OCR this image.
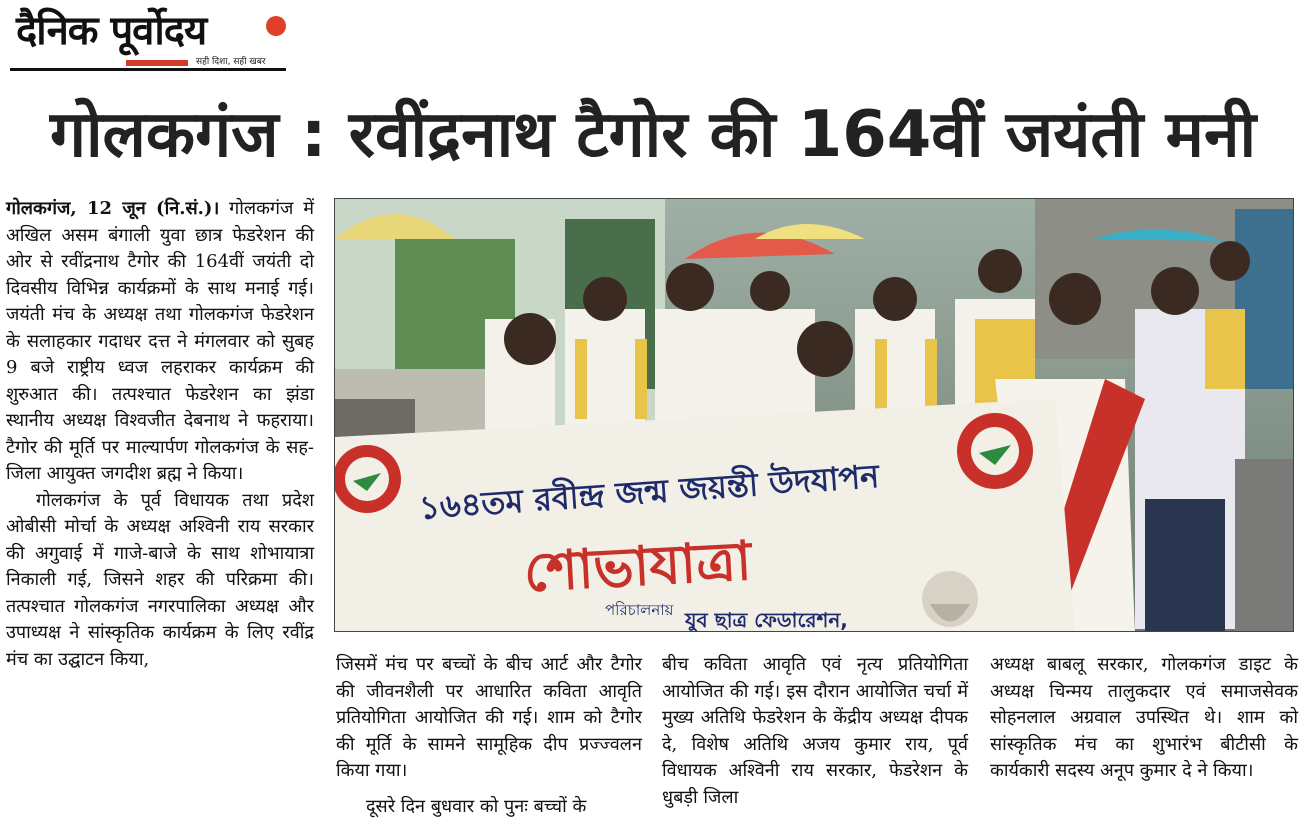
दैनिक पूर्वोदय
सही दिशा, सही खबर
गोलकगंज : रवींद्रनाथ टैगोर की 164वीं जयंती मनी

गोलकगंज, 12 जून (नि.सं.)। गोलकगंज में अखिल असम बंगाली युवा छात्र फेडरेशन की ओर से रवींद्रनाथ टैगोर की 164वीं जयंती दो दिवसीय विभिन्न कार्यक्रमों के साथ मनाई गई। जयंती मंच के अध्यक्ष तथा गोलकगंज फेडरेशन के सलाहकार गदाधर दत्त ने मंगलवार को सुबह 9 बजे राष्ट्रीय ध्वज लहराकर कार्यक्रम की शुरुआत की। तत्पश्चात फेडरेशन का झंडा स्थानीय अध्यक्ष विश्वजीत देबनाथ ने फहराया। टैगोर की मूर्ति पर माल्यार्पण गोलकगंज के सह-जिला आयुक्त जगदीश ब्रह्म ने किया।

गोलकगंज के पूर्व विधायक तथा प्रदेश ओबीसी मोर्चा के अध्यक्ष अश्विनी राय सरकार की अगुवाई में गाजे-बाजे के साथ शोभायात्रा निकाली गई, जिसने शहर की परिक्रमा की। तत्पश्चात गोलकगंज नगरपालिका अध्यक्ष और उपाध्यक्ष ने सांस्कृतिक कार्यक्रम के लिए रवींद्र मंच का उद्घाटन किया,

১৬৪তম রবীন্দ্র জন্ম জয়ন্তী উদযাপন
শোভাযাত্রা
পরিচালনায় যুব ছাত্র ফেডারেশন,

जिसमें मंच पर बच्चों के बीच आर्ट और टैगोर की जीवनशैली पर आधारित कविता आवृति प्रतियोगिता आयोजित की गई। शाम को टैगोर की मूर्ति के सामने सामूहिक दीप प्रज्ज्वलन किया गया।

दूसरे दिन बुधवार को पुनः बच्चों के

बीच कविता आवृति एवं नृत्य प्रतियोगिता आयोजित की गई। इस दौरान आयोजित चर्चा में मुख्य अतिथि फेडरेशन के केंद्रीय अध्यक्ष दीपक दे, विशेष अतिथि अजय कुमार राय, पूर्व विधायक अश्विनी राय सरकार, फेडरेशन के धुबड़ी जिला

अध्यक्ष बाबलू सरकार, गोलकगंज डाइट के अध्यक्ष चिन्मय तालुकदार एवं समाजसेवक सोहनलाल अग्रवाल उपस्थित थे। शाम को सांस्कृतिक मंच का शुभारंभ बीटीसी के कार्यकारी सदस्य अनूप कुमार दे ने किया।
